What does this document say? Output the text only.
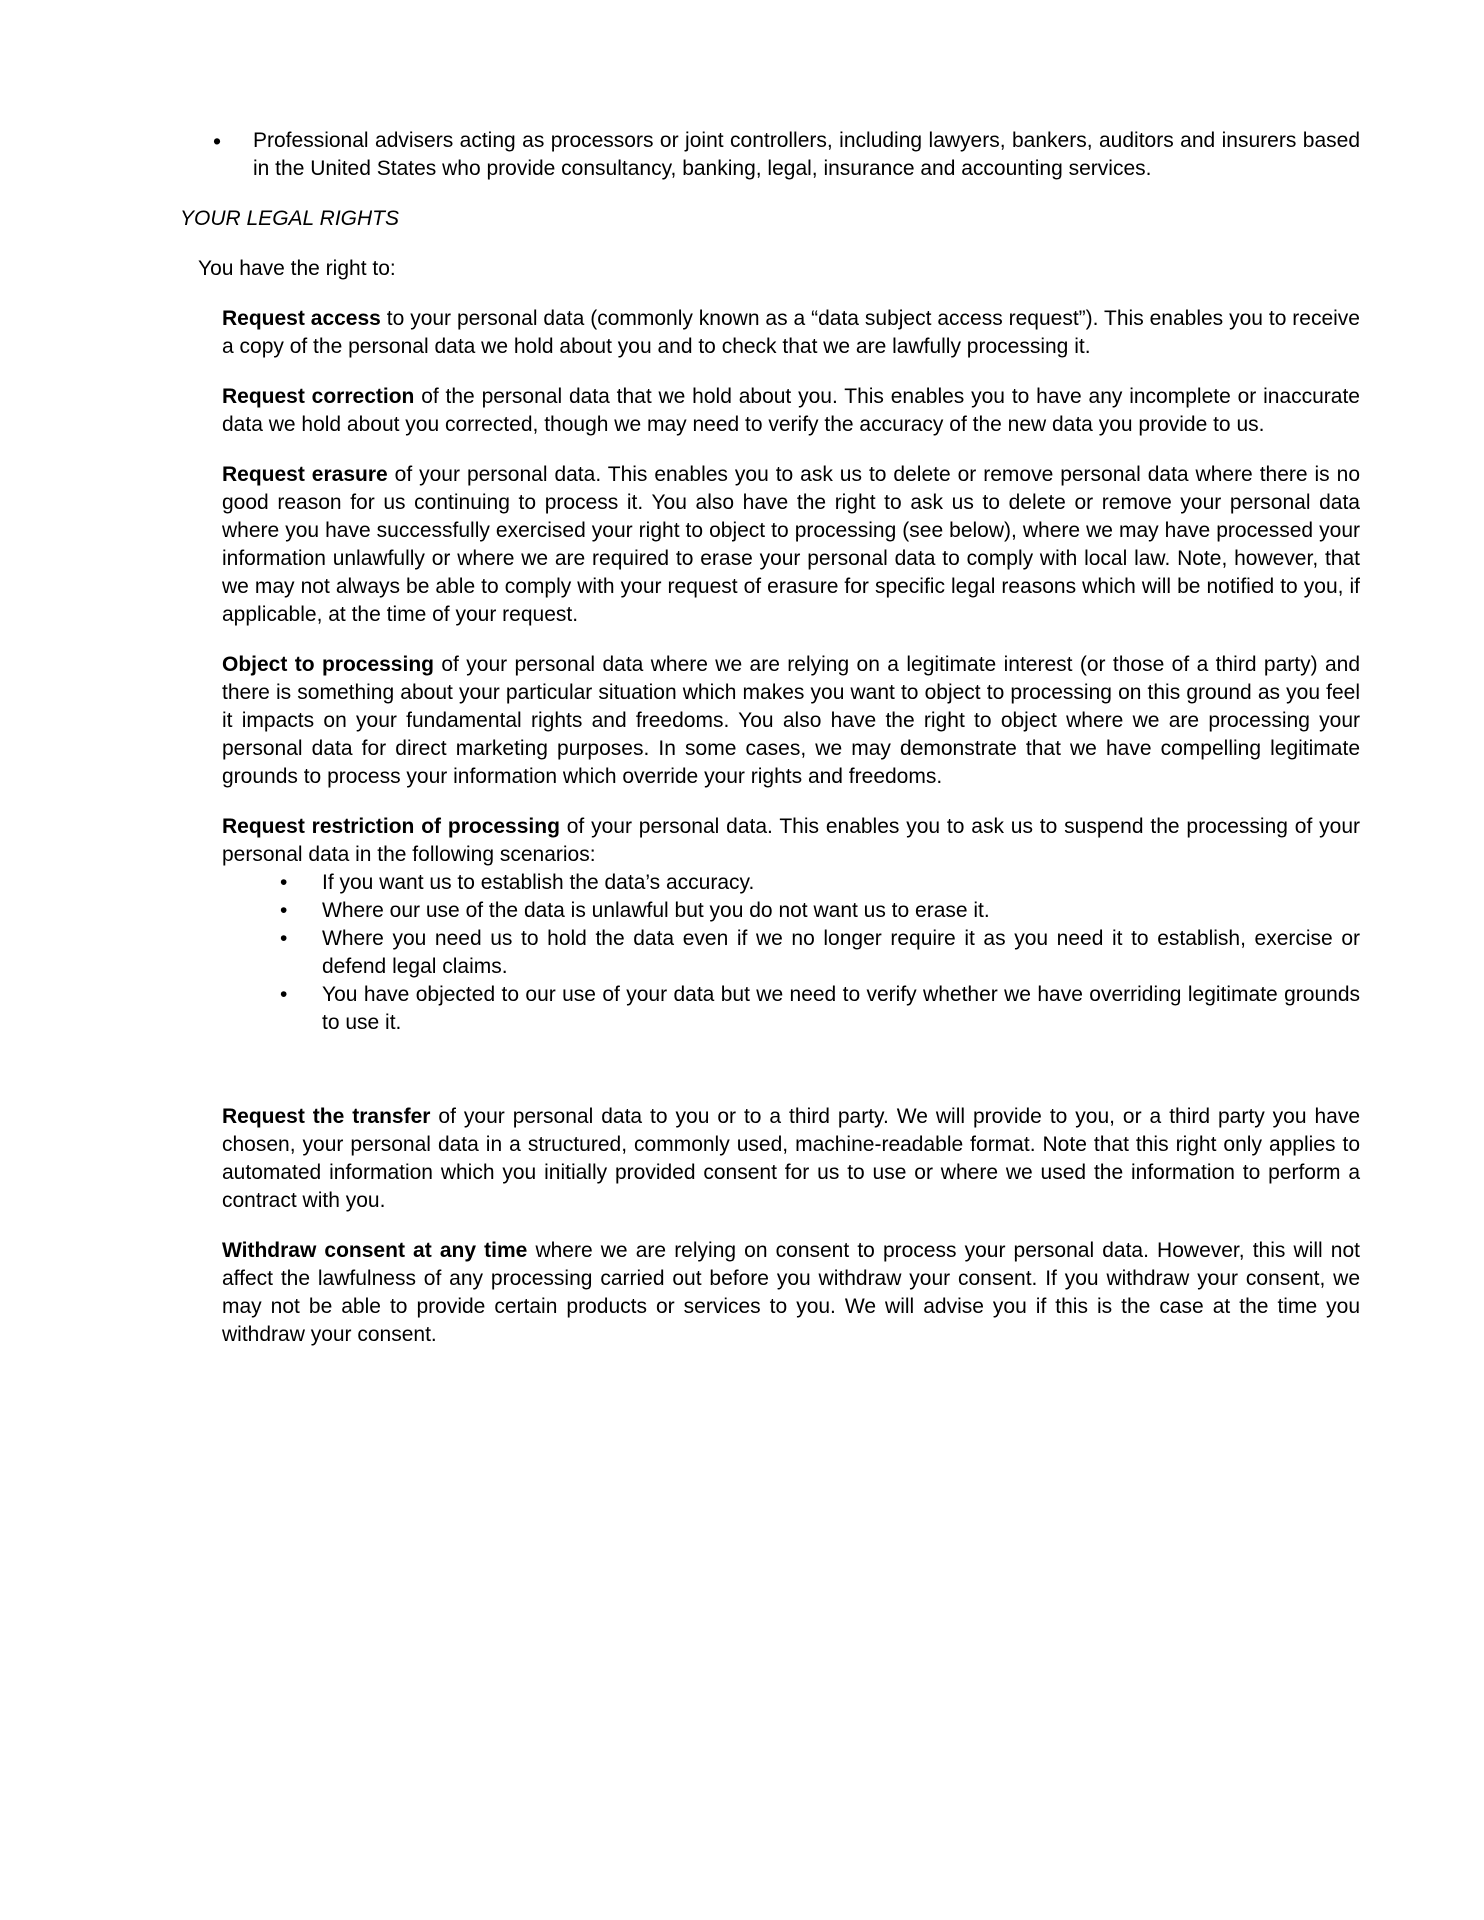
•	Professional advisers acting as processors or joint controllers, including lawyers, bankers, auditors and insurers based in the United States who provide consultancy, banking, legal, insurance and accounting services.
YOUR LEGAL RIGHTS

You have the right to:

Request access to your personal data (commonly known as a “data subject access request”). This enables you to receive a copy of the personal data we hold about you and to check that we are lawfully processing it.

Request correction of the personal data that we hold about you. This enables you to have any incomplete or inaccurate data we hold about you corrected, though we may need to verify the accuracy of the new data you provide to us.

Request erasure of your personal data. This enables you to ask us to delete or remove personal data where there is no good reason for us continuing to process it. You also have the right to ask us to delete or remove your personal data where you have successfully exercised your right to object to processing (see below), where we may have processed your information unlawfully or where we are required to erase your personal data to comply with local law. Note, however, that we may not always be able to comply with your request of erasure for specific legal reasons which will be notified to you, if applicable, at the time of your request.

Object to processing of your personal data where we are relying on a legitimate interest (or those of a third party) and there is something about your particular situation which makes you want to object to processing on this ground as you feel it impacts on your fundamental rights and freedoms. You also have the right to object where we are processing your personal data for direct marketing purposes. In some cases, we may demonstrate that we have compelling legitimate grounds to process your information which override your rights and freedoms.

Request restriction of processing of your personal data. This enables you to ask us to suspend the processing of your personal data in the following scenarios:

•	If you want us to establish the data’s accuracy.
•	Where our use of the data is unlawful but you do not want us to erase it.
•	Where you need us to hold the data even if we no longer require it as you need it to establish, exercise or defend legal claims.
•	You have objected to our use of your data but we need to verify whether we have overriding legitimate grounds to use it.

Request the transfer of your personal data to you or to a third party. We will provide to you, or a third party you have chosen, your personal data in a structured, commonly used, machine-readable format. Note that this right only applies to automated information which you initially provided consent for us to use or where we used the information to perform a contract with you.

Withdraw consent at any time where we are relying on consent to process your personal data. However, this will not affect the lawfulness of any processing carried out before you withdraw your consent. If you withdraw your consent, we may not be able to provide certain products or services to you. We will advise you if this is the case at the time you withdraw your consent.
